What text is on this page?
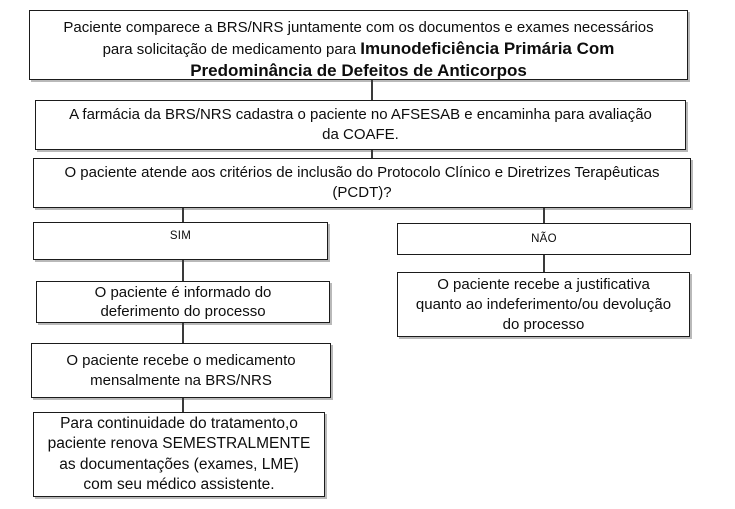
Paciente comparece a BRS/NRS juntamente com os documentos e exames necessários
para solicitação de medicamento para Imunodeficiência Primária Com
Predominância de Defeitos de Anticorpos
A farmácia da BRS/NRS cadastra o paciente no AFSESAB e encaminha para avaliação
da COAFE.
O paciente atende aos critérios de inclusão do Protocolo Clínico e Diretrizes Terapêuticas
(PCDT)?
SIM	NÃO
O paciente é informado do
deferimento do processo
O paciente recebe a justificativa
quanto ao indeferimento/ou devolução
do processo
O paciente recebe o medicamento
mensalmente na BRS/NRS
Para continuidade do tratamento,o
paciente renova SEMESTRALMENTE
as documentações (exames, LME)
com seu médico assistente.
